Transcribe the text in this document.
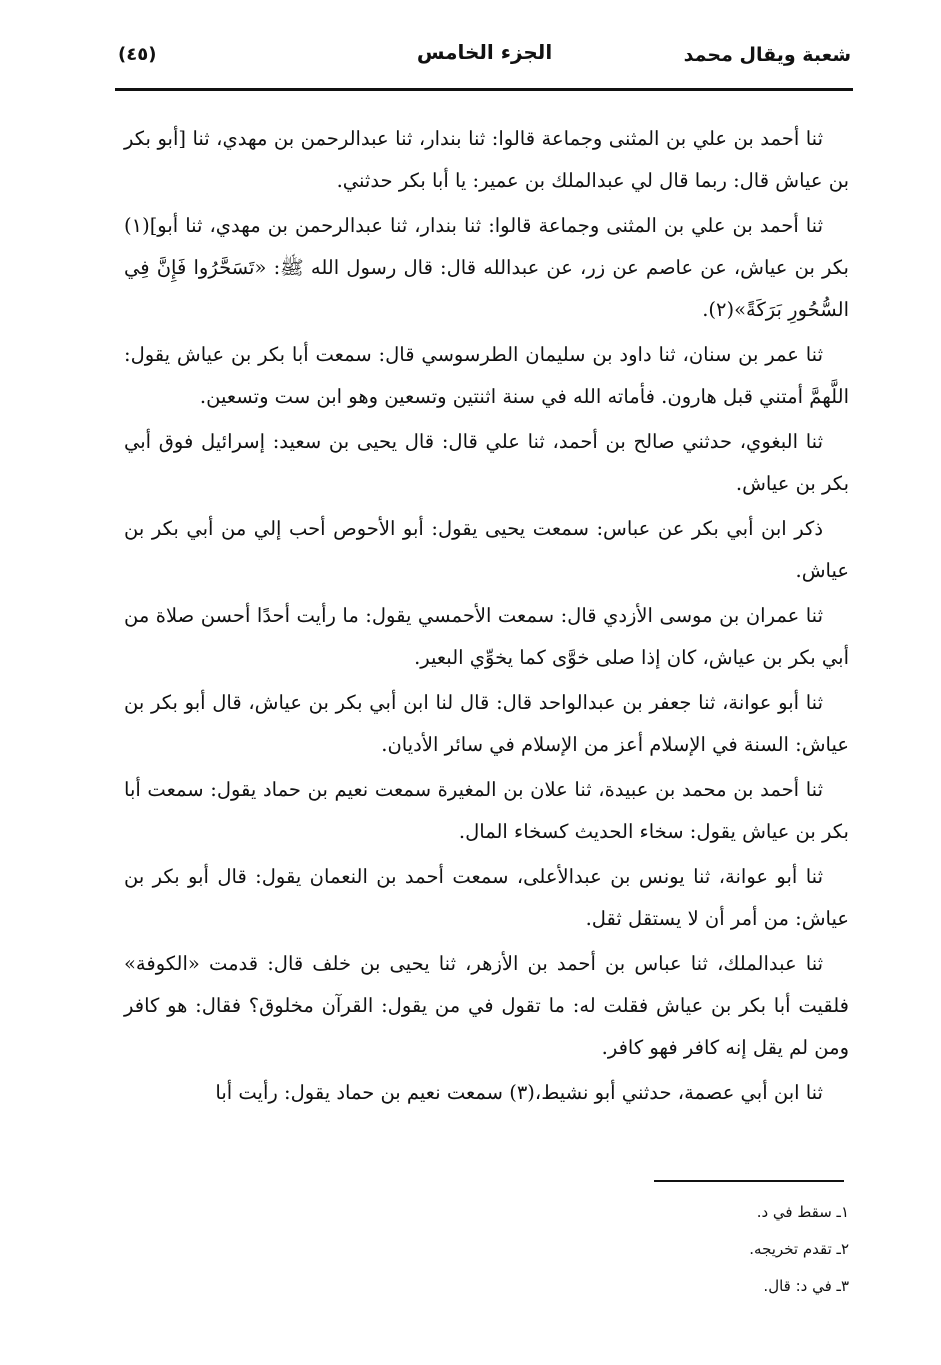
شعبة ويقال محمد
الجزء الخامس
(٤٥)

ثنا أحمد بن علي بن المثنى وجماعة قالوا: ثنا بندار، ثنا عبدالرحمن بن مهدي، ثنا [أبو بكر بن عياش قال: ربما قال لي عبدالملك بن عمير: يا أبا بكر حدثني.

ثنا أحمد بن علي بن المثنى وجماعة قالوا: ثنا بندار، ثنا عبدالرحمن بن مهدي، ثنا أبو](١) بكر بن عياش، عن عاصم عن زر، عن عبدالله قال: قال رسول الله ﷺ: «تَسَحَّرُوا فَإِنَّ فِي السُّحُورِ بَرَكَةً»(٢).

ثنا عمر بن سنان، ثنا داود بن سليمان الطرسوسي قال: سمعت أبا بكر بن عياش يقول: اللَّهمَّ أمتني قبل هارون. فأماته الله في سنة اثنتين وتسعين وهو ابن ست وتسعين.

ثنا البغوي، حدثني صالح بن أحمد، ثنا علي قال: قال يحيى بن سعيد: إسرائيل فوق أبي بكر بن عياش.

ذكر ابن أبي بكر عن عباس: سمعت يحيى يقول: أبو الأحوص أحب إلي من أبي بكر بن عياش.

ثنا عمران بن موسى الأزدي قال: سمعت الأحمسي يقول: ما رأيت أحدًا أحسن صلاة من أبي بكر بن عياش، كان إذا صلى خوَّى كما يخوِّي البعير.

ثنا أبو عوانة، ثنا جعفر بن عبدالواحد قال: قال لنا ابن أبي بكر بن عياش، قال أبو بكر بن عياش: السنة في الإسلام أعز من الإسلام في سائر الأديان.

ثنا أحمد بن محمد بن عبيدة، ثنا علان بن المغيرة سمعت نعيم بن حماد يقول: سمعت أبا بكر بن عياش يقول: سخاء الحديث كسخاء المال.

ثنا أبو عوانة، ثنا يونس بن عبدالأعلى، سمعت أحمد بن النعمان يقول: قال أبو بكر بن عياش: من أمر أن لا يستقل ثقل.

ثنا عبدالملك، ثنا عباس بن أحمد بن الأزهر، ثنا يحيى بن خلف قال: قدمت «الكوفة» فلقيت أبا بكر بن عياش فقلت له: ما تقول في من يقول: القرآن مخلوق؟ فقال: هو كافر ومن لم يقل إنه كافر فهو كافر.

ثنا ابن أبي عصمة، حدثني أبو نشيط،(٣) سمعت نعيم بن حماد يقول: رأيت أبا

١ـ سقط في د.
٢ـ تقدم تخريجه.
٣ـ في د: قال.
